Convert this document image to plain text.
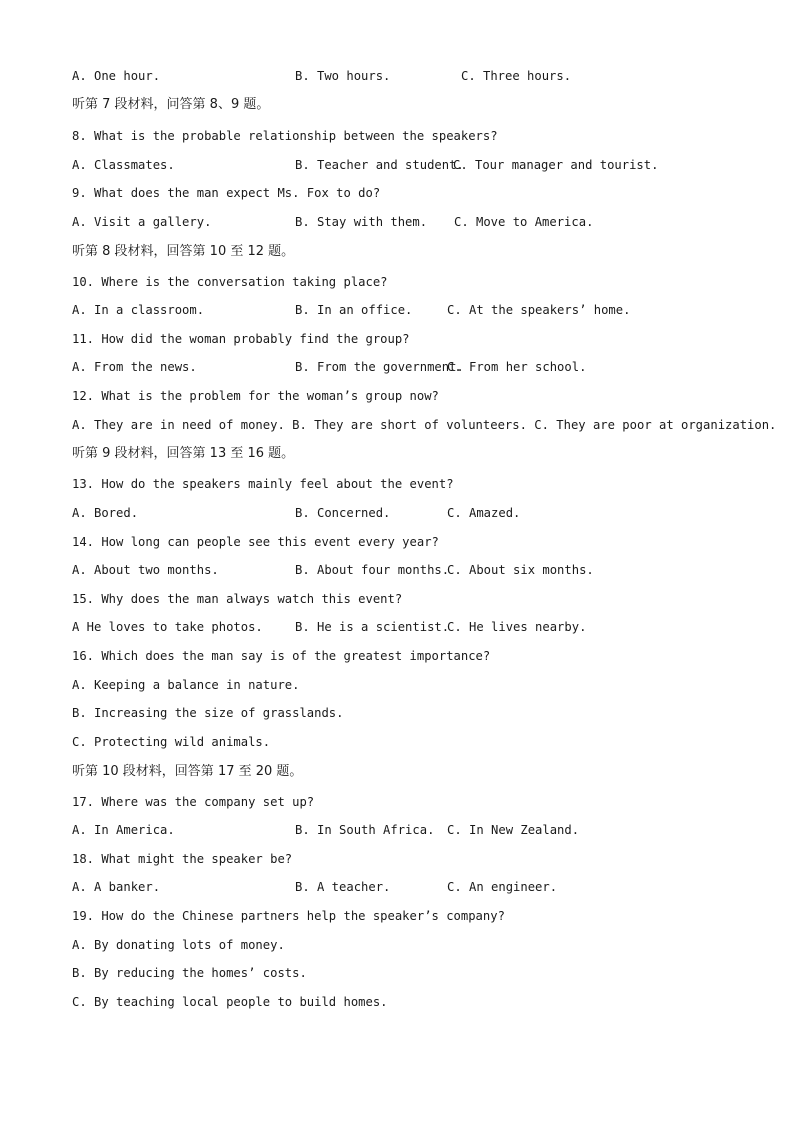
A. One hour.	B. Two hours.	C. Three hours.
听第 7 段材料，问答第 8、9 题。
8. What is the probable relationship between the speakers?
A. Classmates.	B. Teacher and student.
C. Tour manager and tourist.
9. What does the man expect Ms. Fox to do?
A. Visit a gallery.	B. Stay with them. C. Move to America.
听第 8 段材料，回答第 10 至 12 题。
10. Where is the conversation taking place?
A. In a classroom.	B. In an office.	C. At the speakers’ home.
11. How did the woman probably find the group?
A. From the news.	B. From the government.
C. From her school.
12. What is the problem for the woman’s group now?
A. They are in need of money. B. They are short of volunteers. C. They are poor at organization.
听第 9 段材料，回答第 13 至 16 题。
13. How do the speakers mainly feel about the event?
A. Bored.	B. Concerned.	C. Amazed.
14. How long can people see this event every year?
A. About two months.	B. About four months.
C. About six months.
15. Why does the man always watch this event?
A He loves to take photos.	B. He is a scientist.
C. He lives nearby.
16. Which does the man say is of the greatest importance?
A. Keeping a balance in nature.
B. Increasing the size of grasslands.
C. Protecting wild animals.
听第 10 段材料，回答第 17 至 20 题。
17. Where was the company set up?
A. In America.	B. In South Africa. C. In New Zealand.
18. What might the speaker be?
A. A banker.	B. A teacher.	C. An engineer.
19. How do the Chinese partners help the speaker’s company?
A. By donating lots of money.
B. By reducing the homes’ costs.
C. By teaching local people to build homes.
